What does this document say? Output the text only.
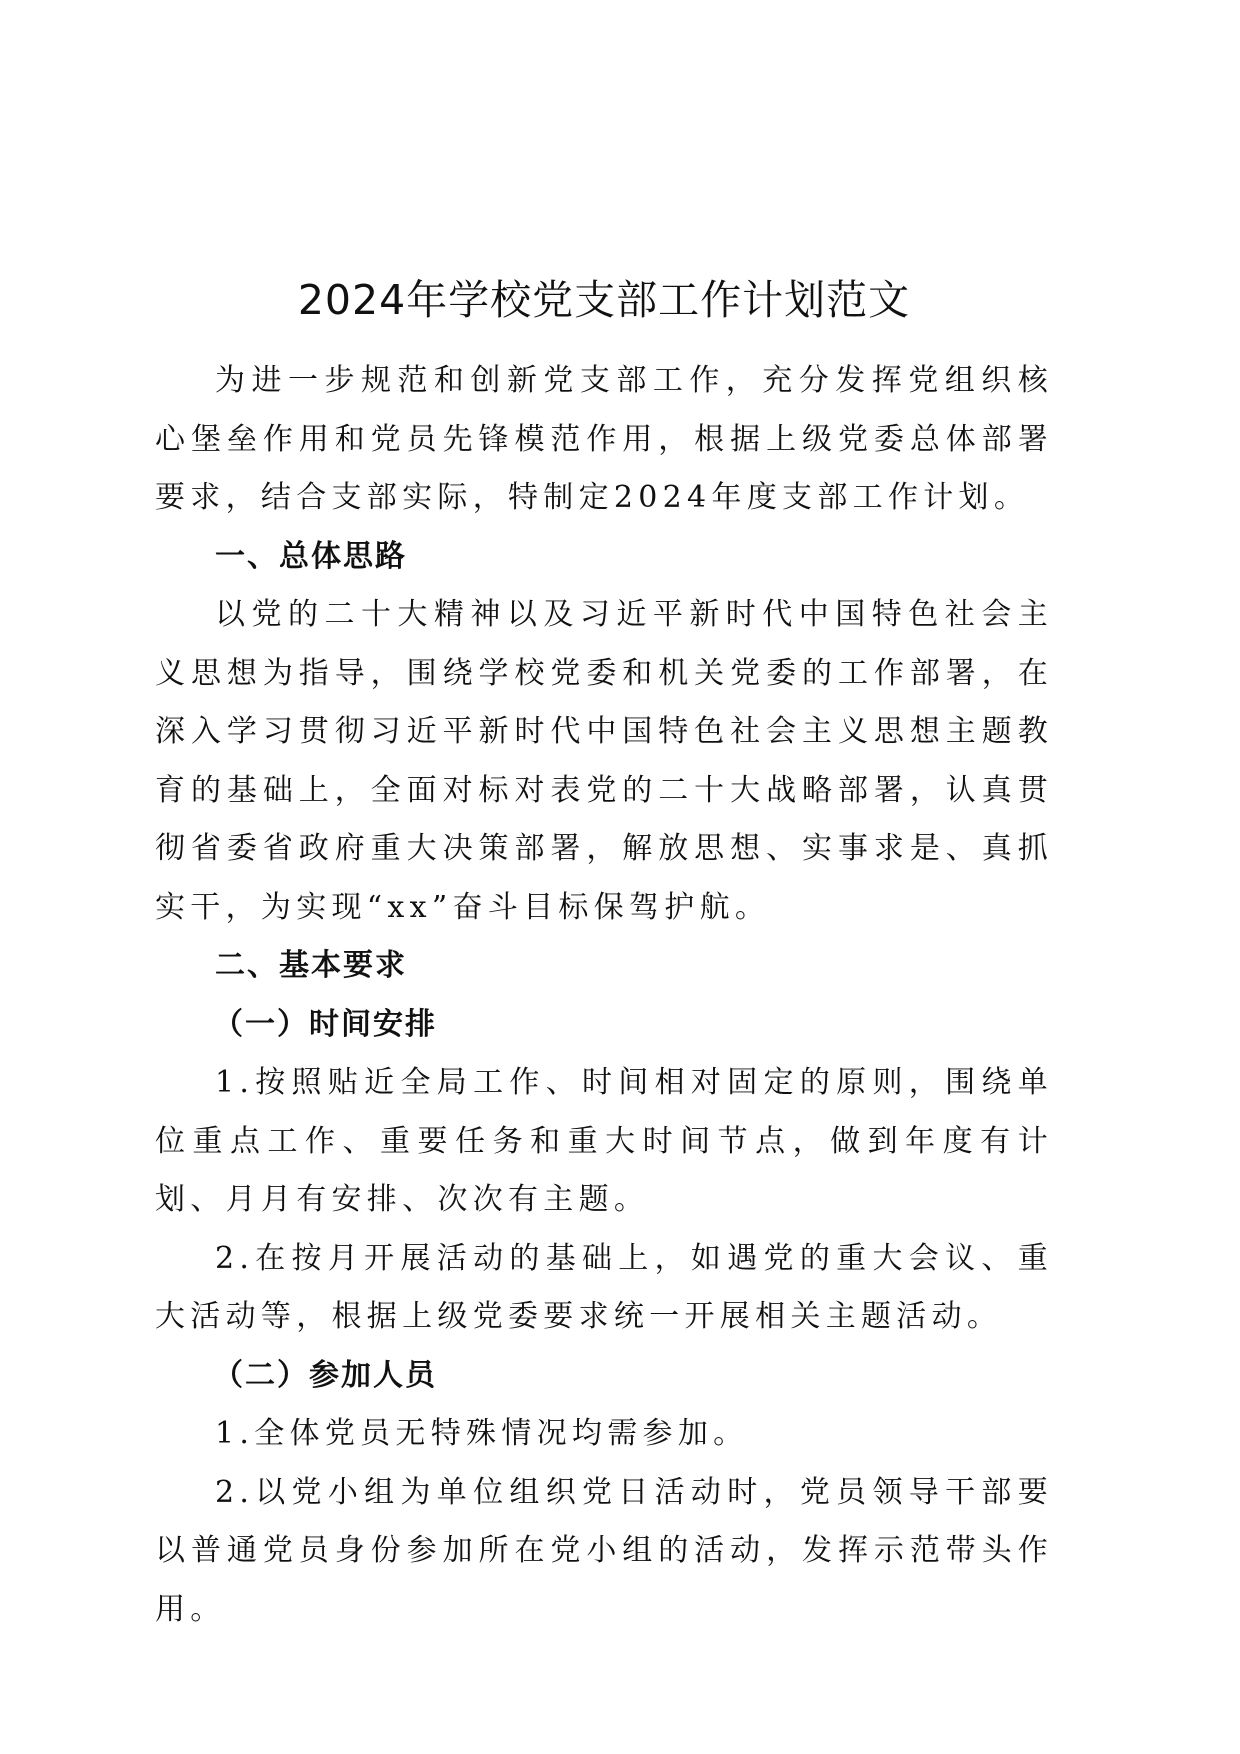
2024年学校党支部工作计划范文

为进一步规范和创新党支部工作，充分发挥党组织核心堡垒作用和党员先锋模范作用，根据上级党委总体部署要求，结合支部实际，特制定2024年度支部工作计划。

一、总体思路

以党的二十大精神以及习近平新时代中国特色社会主义思想为指导，围绕学校党委和机关党委的工作部署，在深入学习贯彻习近平新时代中国特色社会主义思想主题教育的基础上，全面对标对表党的二十大战略部署，认真贯彻省委省政府重大决策部署，解放思想、实事求是、真抓实干，为实现“xx”奋斗目标保驾护航。

二、基本要求

（一）时间安排

1.按照贴近全局工作、时间相对固定的原则，围绕单位重点工作、重要任务和重大时间节点，做到年度有计划、月月有安排、次次有主题。

2.在按月开展活动的基础上，如遇党的重大会议、重大活动等，根据上级党委要求统一开展相关主题活动。

（二）参加人员

1.全体党员无特殊情况均需参加。

2.以党小组为单位组织党日活动时，党员领导干部要以普通党员身份参加所在党小组的活动，发挥示范带头作用。
